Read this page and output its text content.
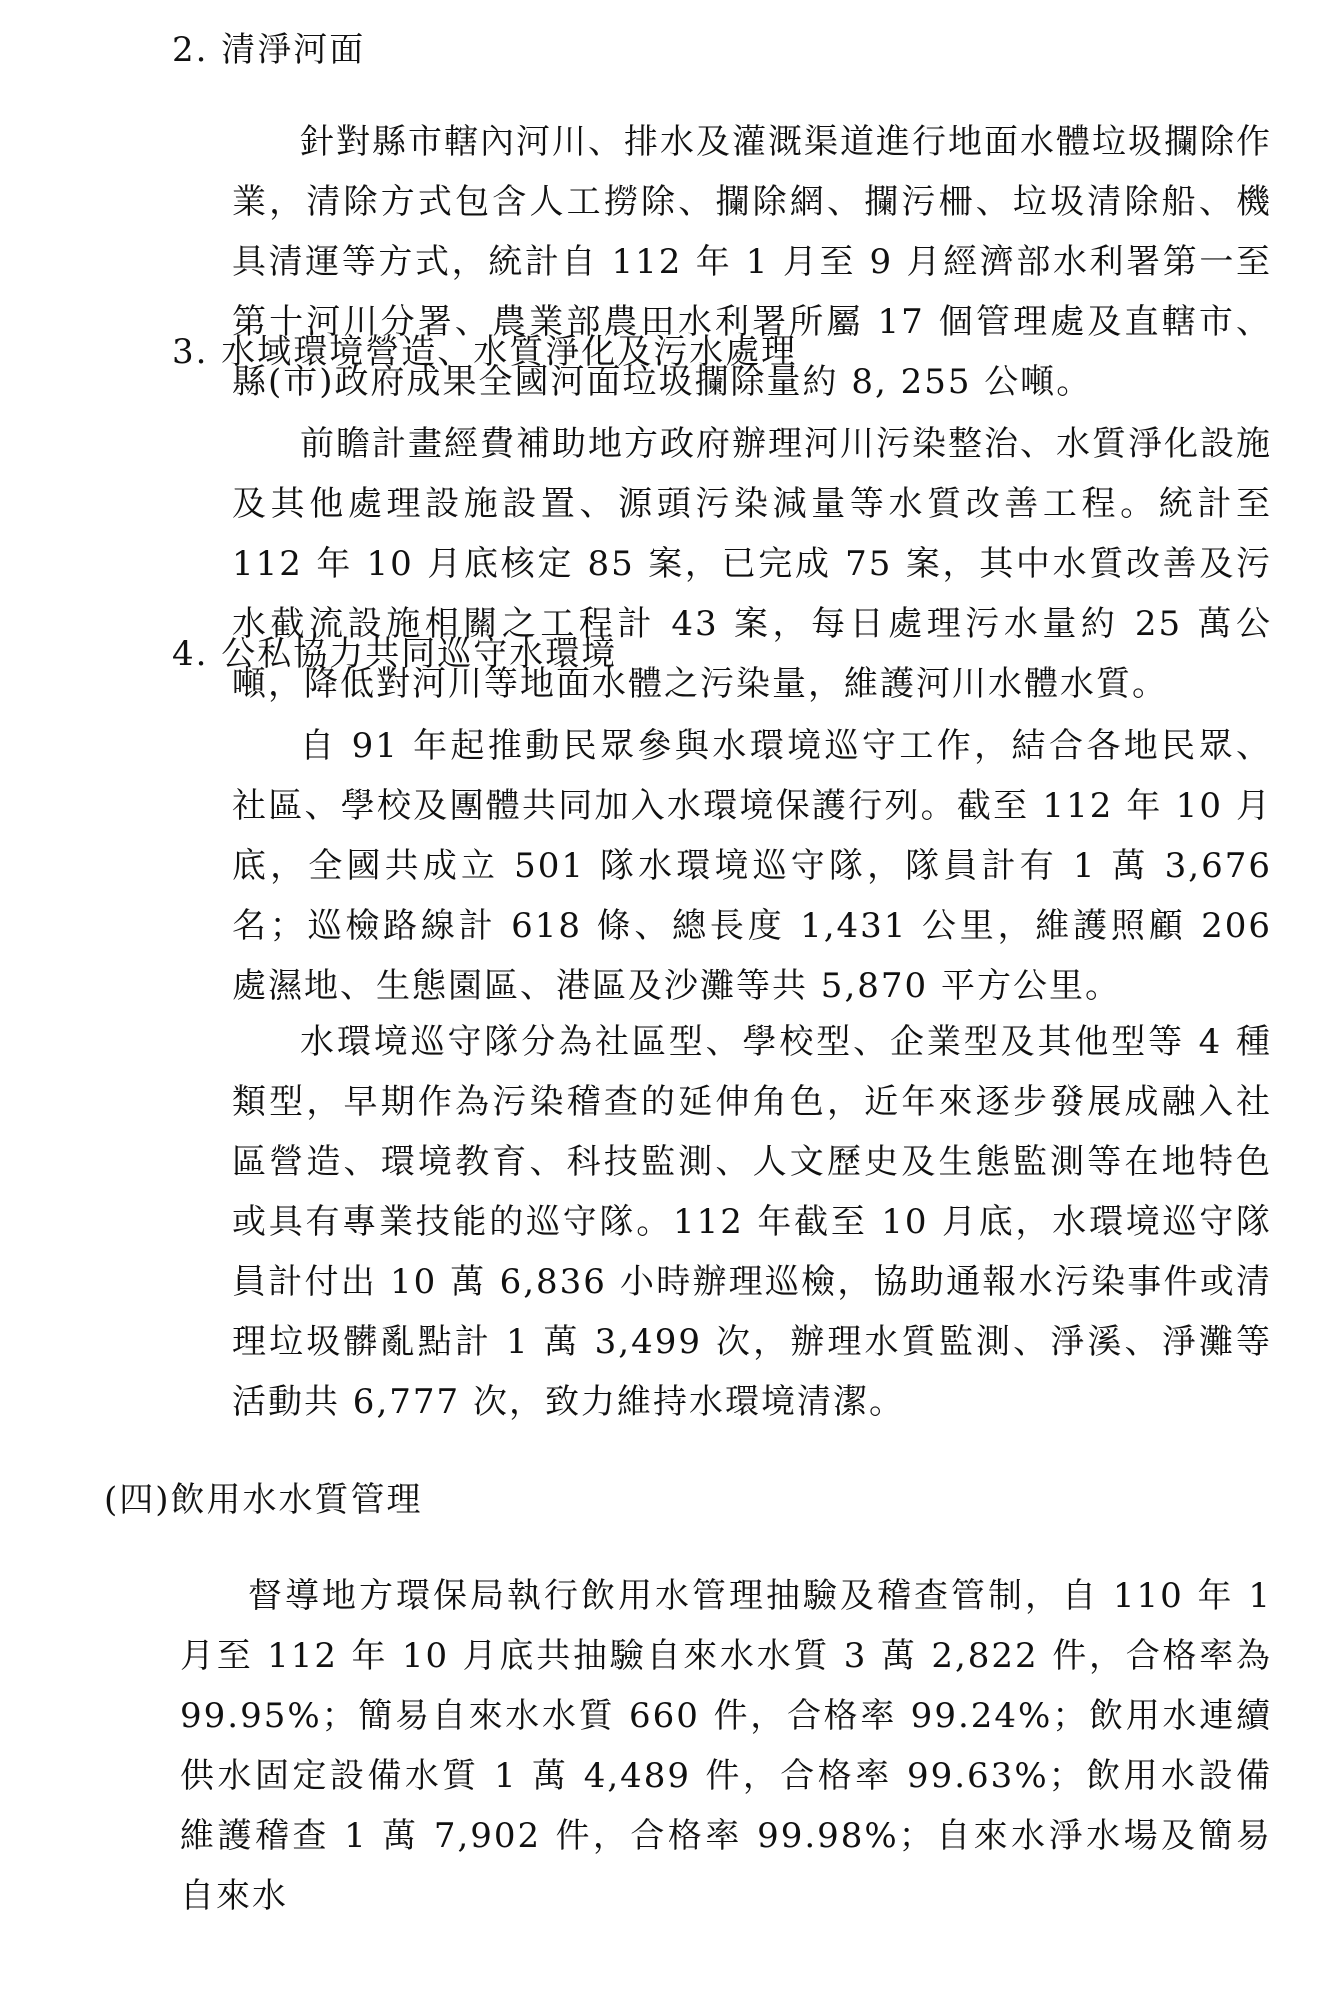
2. 清淨河面
針對縣市轄內河川、排水及灌溉渠道進行地面水體垃圾攔除作業，清除方式包含人工撈除、攔除網、攔污柵、垃圾清除船、機具清運等方式，統計自 112 年 1 月至 9 月經濟部水利署第一至第十河川分署、農業部農田水利署所屬 17 個管理處及直轄市、縣(市)政府成果全國河面垃圾攔除量約 8, 255 公噸。
3. 水域環境營造、水質淨化及污水處理
前瞻計畫經費補助地方政府辦理河川污染整治、水質淨化設施及其他處理設施設置、源頭污染減量等水質改善工程。統計至 112 年 10 月底核定 85 案，已完成 75 案，其中水質改善及污水截流設施相關之工程計 43 案，每日處理污水量約 25 萬公噸，降低對河川等地面水體之污染量，維護河川水體水質。
4. 公私協力共同巡守水環境
自 91 年起推動民眾參與水環境巡守工作，結合各地民眾、社區、學校及團體共同加入水環境保護行列。截至 112 年 10 月底，全國共成立 501 隊水環境巡守隊，隊員計有 1 萬 3,676 名；巡檢路線計 618 條、總長度 1,431 公里，維護照顧 206 處濕地、生態園區、港區及沙灘等共 5,870 平方公里。
水環境巡守隊分為社區型、學校型、企業型及其他型等 4 種類型，早期作為污染稽查的延伸角色，近年來逐步發展成融入社區營造、環境教育、科技監測、人文歷史及生態監測等在地特色或具有專業技能的巡守隊。112 年截至 10 月底，水環境巡守隊員計付出 10 萬 6,836 小時辦理巡檢，協助通報水污染事件或清理垃圾髒亂點計 1 萬 3,499 次，辦理水質監測、淨溪、淨灘等活動共 6,777 次，致力維持水環境清潔。
(四)飲用水水質管理
督導地方環保局執行飲用水管理抽驗及稽查管制，自 110 年 1 月至 112 年 10 月底共抽驗自來水水質 3 萬 2,822 件，合格率為 99.95%；簡易自來水水質 660 件，合格率 99.24%；飲用水連續供水固定設備水質 1 萬 4,489 件，合格率 99.63%；飲用水設備維護稽查 1 萬 7,902 件，合格率 99.98%；自來水淨水場及簡易自來水
